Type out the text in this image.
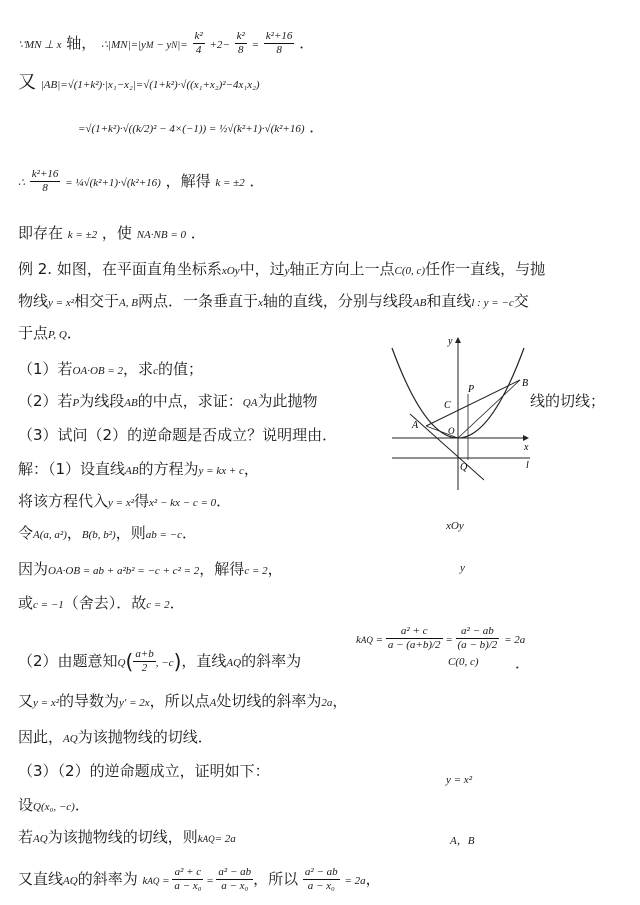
∵MN ⊥ x 轴， ∴|MN|=|yM − $yN|= \frac{\text{k²}}{4} +2- \frac{\text{k²}}{8} = \frac{\text{k²+16}}{8}$ ．
又 |AB|=√(1+k²)·|x₁−x₂|=√(1+k²)·√((x₁+x₂)²−4x₁x₂)
=√(1+k²)·√((k/2)² − 4×(−1)) = ½√(k²+1)·√(k²+16) ．
∴ $\frac{\text{k²+16}}{8}$ = ¼√(k²+1)·√(k²+16) ，解得 k = ±2 ．
即存在 k = ±2 ，使 NA·NB = 0 ．
例 2. 如图，在平面直角坐标系xOy中，过y轴正方向上一点C(0, c)任作一直线，与抛
物线y = x²相交于A, B两点．一条垂直于x轴的直线，分别与线段AB和直线l : y = −c交
于点P, Q．
（1）若OA·OB = 2，求c的值；
（2）若P为线段AB的中点，求证：QA为此抛物	线的切线；
（3）试问（2）的逆命题是否成立？说明理由．
y
x
O
A
B
C
P
Q	l
解：（1）设直线AB的方程为y = kx + c，
将该方程代入y = x²得x² − kx − c = 0．
令A(a, a²)，B(b, b²)，则ab = −c．	xOy
因为OA·OB = ab + a²b² = −c + c² = 2，解得c = 2，	y
或c = −1（舍去）．故c = 2．
（2）由题意知$Q( \frac{a+b}{2}$ , −c)，直线AQ的斜率为
kAQ = $\frac{\text{a² + c}}{a - (a+b)/2} = \frac{\text{a² − ab}}{(a - b)/2} = 2a$
C(0, c) ．
又y = x²的导数为y′ = 2x，所以点A处切线的斜率为2a，
因此，AQ为该抛物线的切线．
（3）（2）的逆命题成立，证明如下：	y = x²
设Q(x₀, −c)．
若AQ为该抛物线的切线，则kAQ= 2a	A，B
又直线AQ的斜率为 kAQ = $\frac{\text{a² + c}}{\text{a − x₀}} = \frac{\text{a² − ab}}{\text{a − x₀}}$ ，所以 $\frac{\text{a² − ab}}{\text{a − x₀}} = 2a$，
